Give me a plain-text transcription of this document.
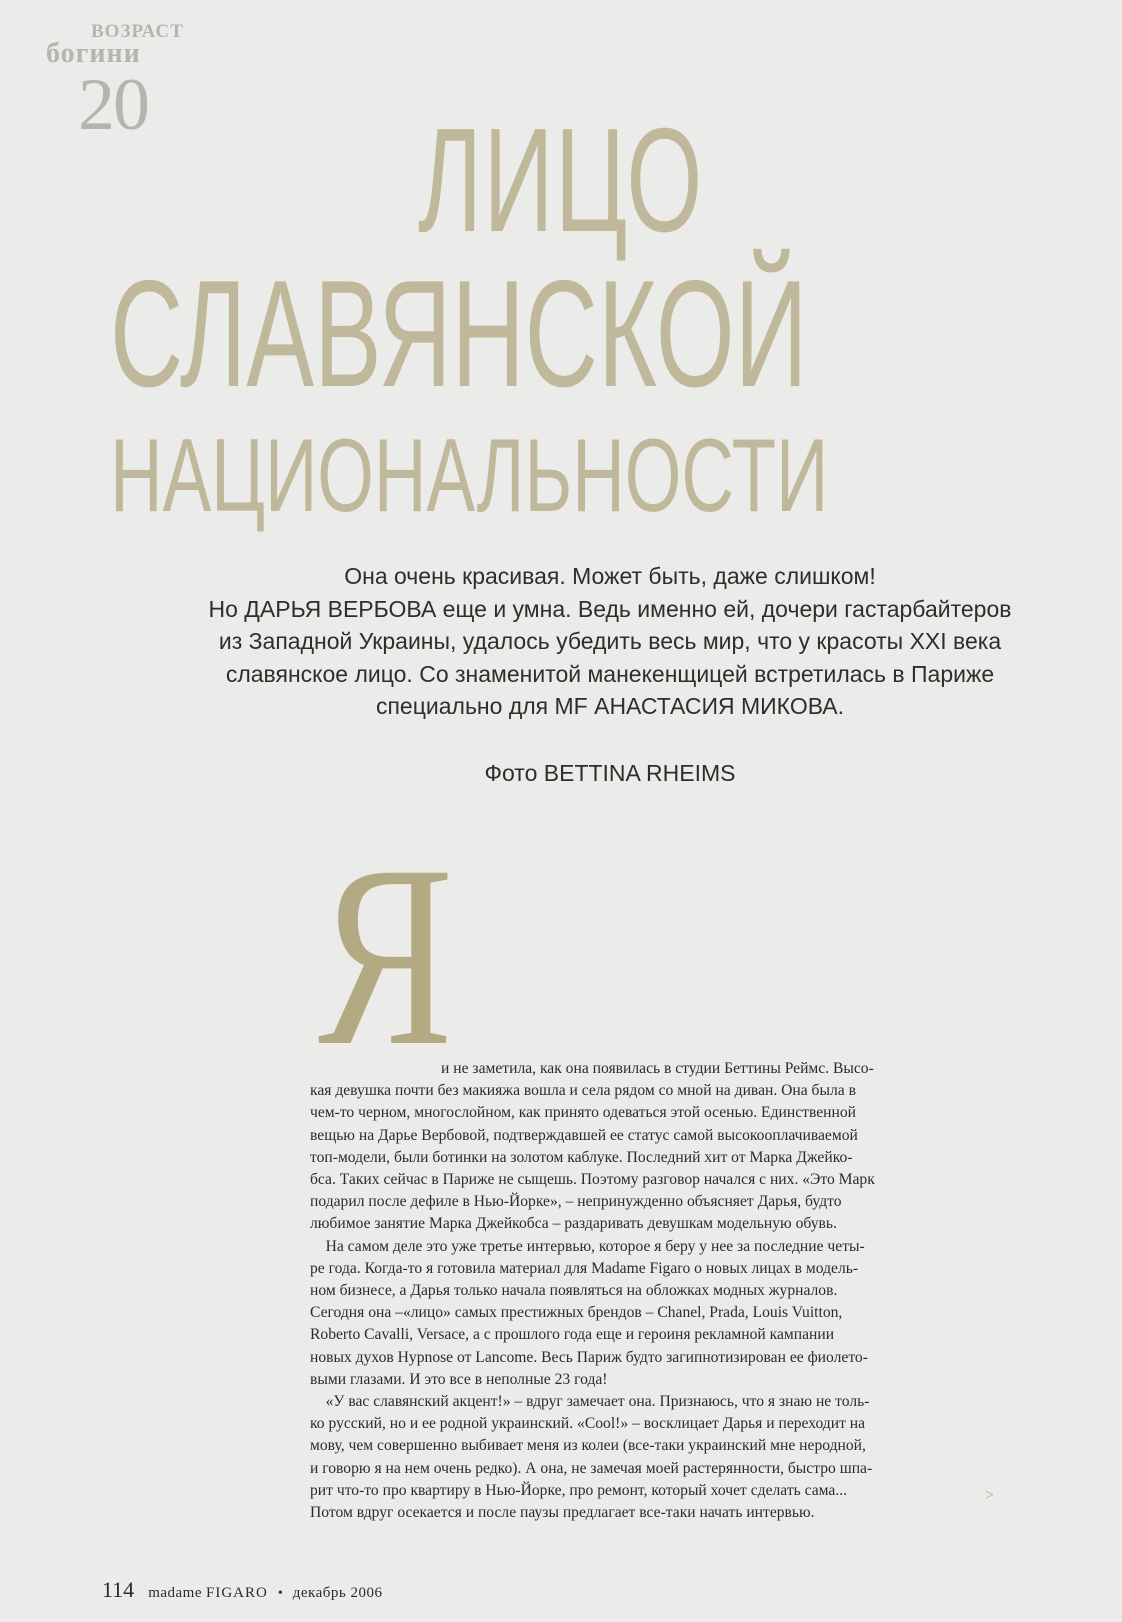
ВОЗРАСТ
богини
20 ЛИЦО
СЛАВЯНСКОЙ
НАЦИОНАЛЬНОСТИ
Она очень красивая. Может быть, даже слишком!
Но ДАРЬЯ ВЕРБОВА еще и умна. Ведь именно ей, дочери гастарбайтеров
из Западной Украины, удалось убедить весь мир, что у красоты XXI века
славянское лицо. Со знаменитой манекенщицей встретилась в Париже
специально для MF АНАСТАСИЯ МИКОВА.
Фото BETTINA RHEIMS
Я
и не заметила, как она появилась в студии Беттины Реймс. Высо-
кая девушка почти без макияжа вошла и села рядом со мной на диван. Она была в
чем-то черном, многослойном, как принято одеваться этой осенью. Единственной
вещью на Дарье Вербовой, подтверждавшей ее статус самой высокооплачиваемой
топ-модели, были ботинки на золотом каблуке. Последний хит от Марка Джейко-
бса. Таких сейчас в Париже не сыщешь. Поэтому разговор начался с них. «Это Марк
подарил после дефиле в Нью-Йорке», – непринужденно объясняет Дарья, будто
любимое занятие Марка Джейкобса – раздаривать девушкам модельную обувь.
На самом деле это уже третье интервью, которое я беру у нее за последние четы-
ре года. Когда-то я готовила материал для Madame Figaro о новых лицах в модель-
ном бизнесе, а Дарья только начала появляться на обложках модных журналов.
Сегодня она –«лицо» самых престижных брендов – Chanel, Prada, Louis Vuitton,
Roberto Cavalli, Versace, а с прошлого года еще и героиня рекламной кампании
новых духов Hypnose от Lancome. Весь Париж будто загипнотизирован ее фиолето-
выми глазами. И это все в неполные 23 года!
«У вас славянский акцент!» – вдруг замечает она. Признаюсь, что я знаю не толь-
ко русский, но и ее родной украинский. «Cool!» – восклицает Дарья и переходит на
мову, чем совершенно выбивает меня из колеи (все-таки украинский мне неродной,
и говорю я на нем очень редко). А она, не замечая моей растерянности, быстро шпа-
рит что-то про квартиру в Нью-Йорке, про ремонт, который хочет сделать сама...
Потом вдруг осекается и после паузы предлагает все-таки начать интервью.
>
114 madame FIGARO • декабрь 2006
